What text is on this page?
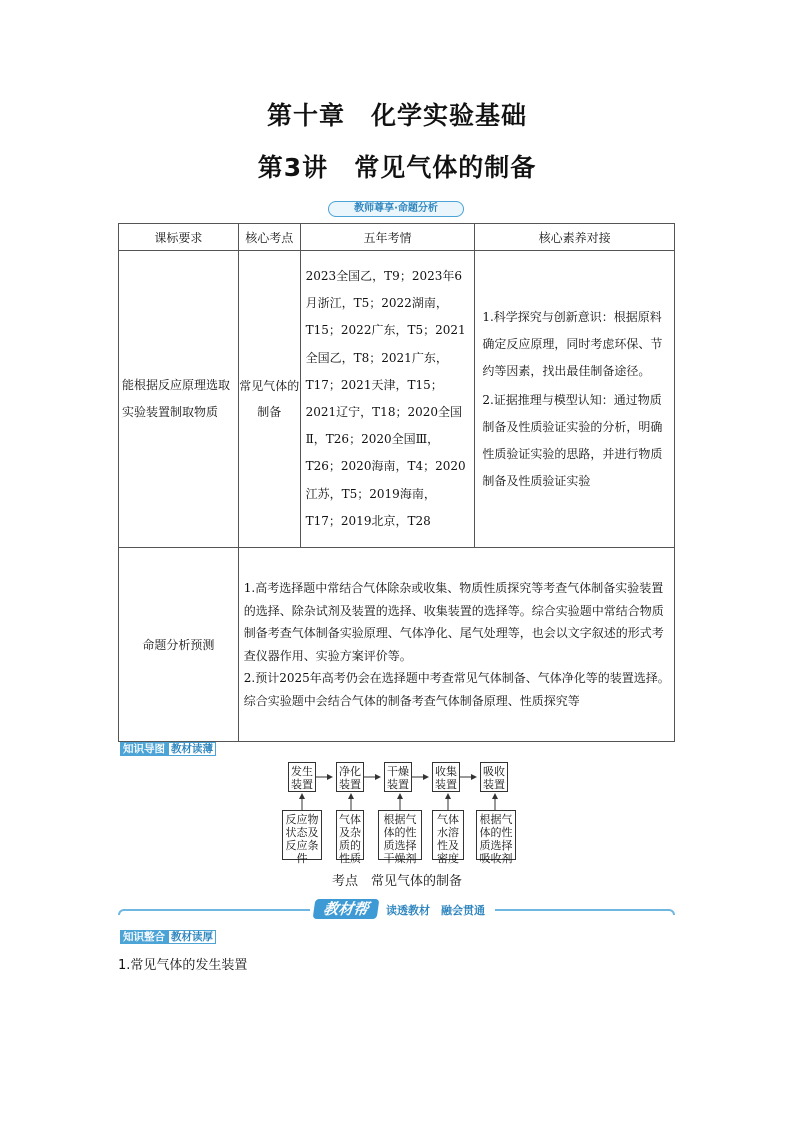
第十章 化学实验基础
第3讲 常见气体的制备
教师尊享·命题分析
课标要求	核心考点	五年考情	核心素养对接
能根据反应原理选取实验装置制取物质	常见气体的制备	2023全国乙，T9；2023年6月浙江，T5；2022湖南，T15；2022广东，T5；2021全国乙，T8；2021广东，T17；2021天津，T15；2021辽宁，T18；2020全国Ⅱ，T26；2020全国Ⅲ，T26；2020海南，T4；2020江苏，T5；2019海南，T17；2019北京，T28	1.科学探究与创新意识：根据原料确定反应原理，同时考虑环保、节约等因素，找出最佳制备途径。

2.证据推理与模型认知：通过物质制备及性质验证实验的分析，明确性质验证实验的思路，并进行物质制备及性质验证实验

命题分析预测	1.高考选择题中常结合气体除杂或收集、物质性质探究等考查气体制备实验装置的选择、除杂试剂及装置的选择、收集装置的选择等。综合实验题中常结合物质制备考查气体制备实验原理、气体净化、尾气处理等，也会以文字叙述的形式考查仪器作用、实验方案评价等。

2.预计2025年高考仍会在选择题中考查常见气体制备、气体净化等的装置选择。综合实验题中会结合气体的制备考查气体制备原理、性质探究等		

知识导图 教材读薄
发生装置
净化装置
干燥装置
收集装置
吸收装置
反应物状态及反应条件
气体及杂质的性质
根据气体的性质选择干燥剂
气体水溶性及密度
根据气体的性质选择吸收剂
考点　常见气体的制备
教材帮	读透教材　融会贯通
知识整合 教材读厚
1.常见气体的发生装置
